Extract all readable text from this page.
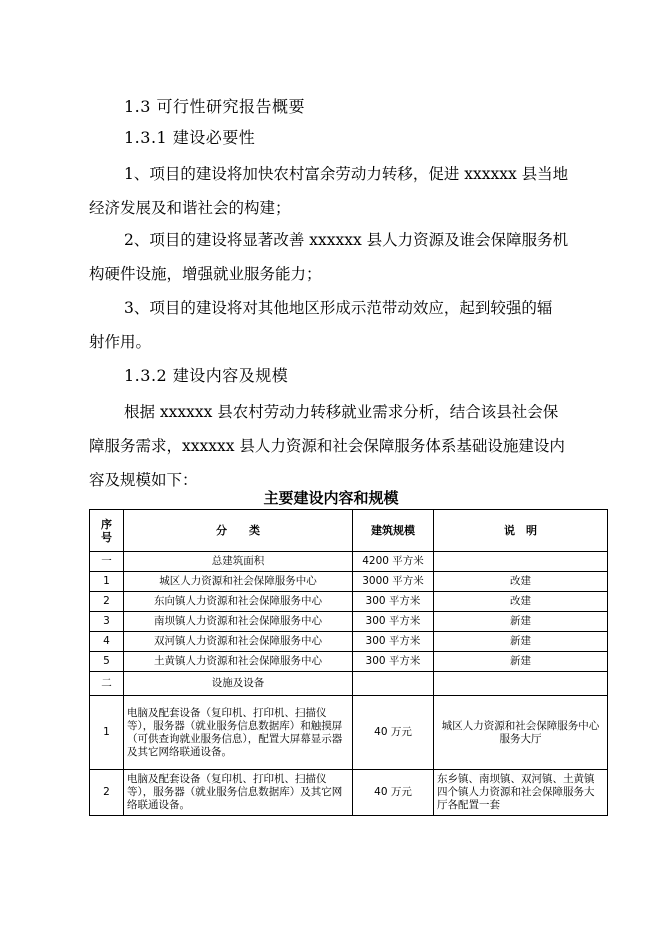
1.3 可行性研究报告概要
1.3.1 建设必要性
1、项目的建设将加快农村富余劳动力转移，促进 xxxxxx 县当地
经济发展及和谐社会的构建；
2、项目的建设将显著改善 xxxxxx 县人力资源及谁会保障服务机
构硬件设施，增强就业服务能力；
3、项目的建设将对其他地区形成示范带动效应，起到较强的辐
射作用。
1.3.2 建设内容及规模
根据 xxxxxx 县农村劳动力转移就业需求分析，结合该县社会保
障服务需求，xxxxxx 县人力资源和社会保障服务体系基础设施建设内
容及规模如下：
主要建设内容和规模
序
号	分　　类	建筑规模	说　明
一	总建筑面积	4200 平方米	
1	城区人力资源和社会保障服务中心	3000 平方米	改建
2	东向镇人力资源和社会保障服务中心	300 平方米	改建
3	南坝镇人力资源和社会保障服务中心	300 平方米	新建
4	双河镇人力资源和社会保障服务中心	300 平方米	新建
5	土黄镇人力资源和社会保障服务中心	300 平方米	新建
二	设施及设备		
1	电脑及配套设备（复印机、打印机、扫描仪等），服务器（就业服务信息数据库）和触摸屏（可供查询就业服务信息），配置大屏幕显示器及其它网络联通设备。	40 万元	城区人力资源和社会保障服务中心服务大厅
2	电脑及配套设备（复印机、打印机、扫描仪等），服务器（就业服务信息数据库）及其它网络联通设备。	40 万元	东乡镇、南坝镇、双河镇、土黄镇四个镇人力资源和社会保障服务大厅各配置一套
